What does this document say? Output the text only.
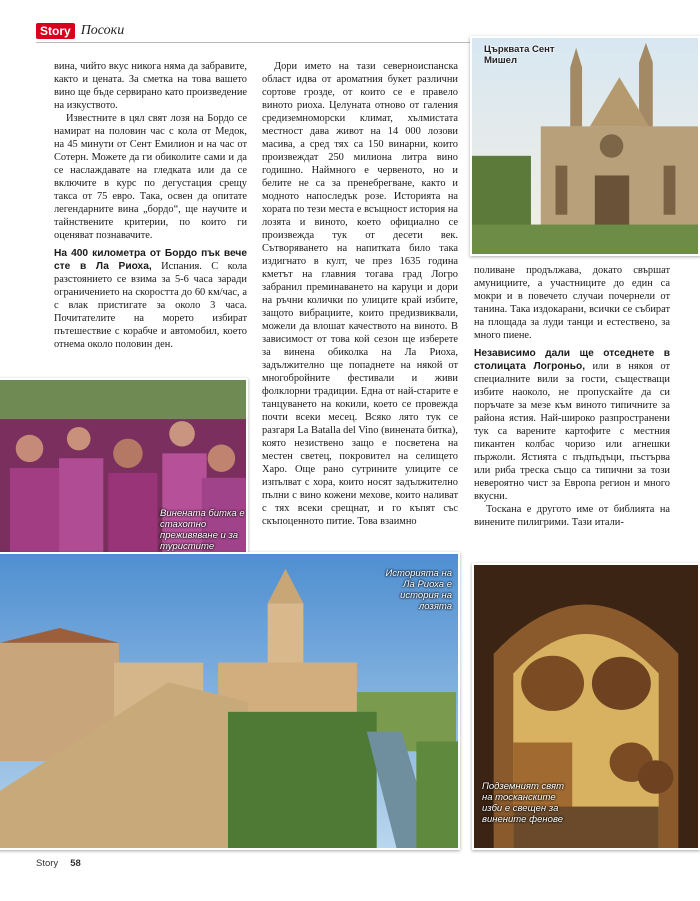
Story Посоки

вина, чийто вкус никога няма да забравите, както и цената. За сметка на това вашето вино ще бъде сервирано като произведение на изкуството.

Известните в цял свят лозя на Бордо се намират на половин час с кола от Медок, на 45 минути от Сент Емилион и на час от Сотерн. Можете да ги обиколите сами и да се наслаждавате на гледката или да се включите в курс по дегустация срещу такса от 75 евро. Така, освен да опитате легендарните вина „бордо“, ще научите и тайнствените критерии, по които ги оценяват познавачите.

На 400 километра от Бордо пък вече сте в Ла Риоха, Испания. С кола разстоянието се взима за 5-6 часа заради ограничението на скоростта до 60 км/час, а с влак пристигате за около 3 часа. Почитателите на морето избират пътешествие с корабче и автомобил, което отнема около половин ден.

Дори името на тази северноиспанска област идва от ароматния букет различни сортове грозде, от които се е правело виното риоха. Целуната отново от галения средиземноморски климат, хълмистата местност дава живот на 14 000 лозови масива, а сред тях са 150 винарни, които произвеждат 250 милиона литра вино годишно. Наймного е червеното, но и белите не са за пренебрегване, както и модното напоследък розе. Историята на хората по тези места е всъщност история на лозята и виното, което официално се произвежда тук от десети век. Сътворяването на напитката било така издигнато в култ, че през 1635 година кметът на главния тогава град Логро забранил преминаването на каруци и дори на ръчни колички по улиците край избите, защото вибрациите, които предизвиквали, можели да влошат качеството на виното. В зависимост от това кой сезон ще изберете за винена обиколка на Ла Риоха, задължително ще попаднете на някой от многобройните фестивали и живи фолклорни традиции. Една от най-старите е танцуването на кокили, което се провежда почти всеки месец. Всяко лято тук се разгаря La Batalla del Vino (винената битка), която незиствено защо е посветена на местен светец, покровител на селището Харо. Още рано сутрините улиците се изпълват с хора, които носят задължително пълни с вино кожени мехове, които наливат с тях всеки срещнат, и го къпят със скъпоценното питие. Това взаимно

поливане продължава, докато свършат амунициите, а участниците до един са мокри и в повечето случаи почернели от танина. Така издокарани, всички се събират на площада за луди танци и естествено, за много пиене.

Независимо дали ще отседнете в столицата Логроньо, или в някоя от специалните вили за гости, съществащи избите наоколо, не пропускайте да си поръчате за мезе към виното типичните за района ястия. Най-широко разпространени тук са варените картофите с местния пикантен колбас чоризо или агнешки пържоли. Ястията с пъдпъдъци, пъстърва или риба треска също са типични за този невероятно чист за Европа регион и много вкусни.

Тоскана е другото име от библията на винените пилигрими. Тази итали-

Църквата Сент Мишел
Винената битка е стахотно преживяване и за туристите
Историята на Ла Риоха е история на лозята
Подземният свят на тосканските изби е свещен за винените фенове
Story 58
